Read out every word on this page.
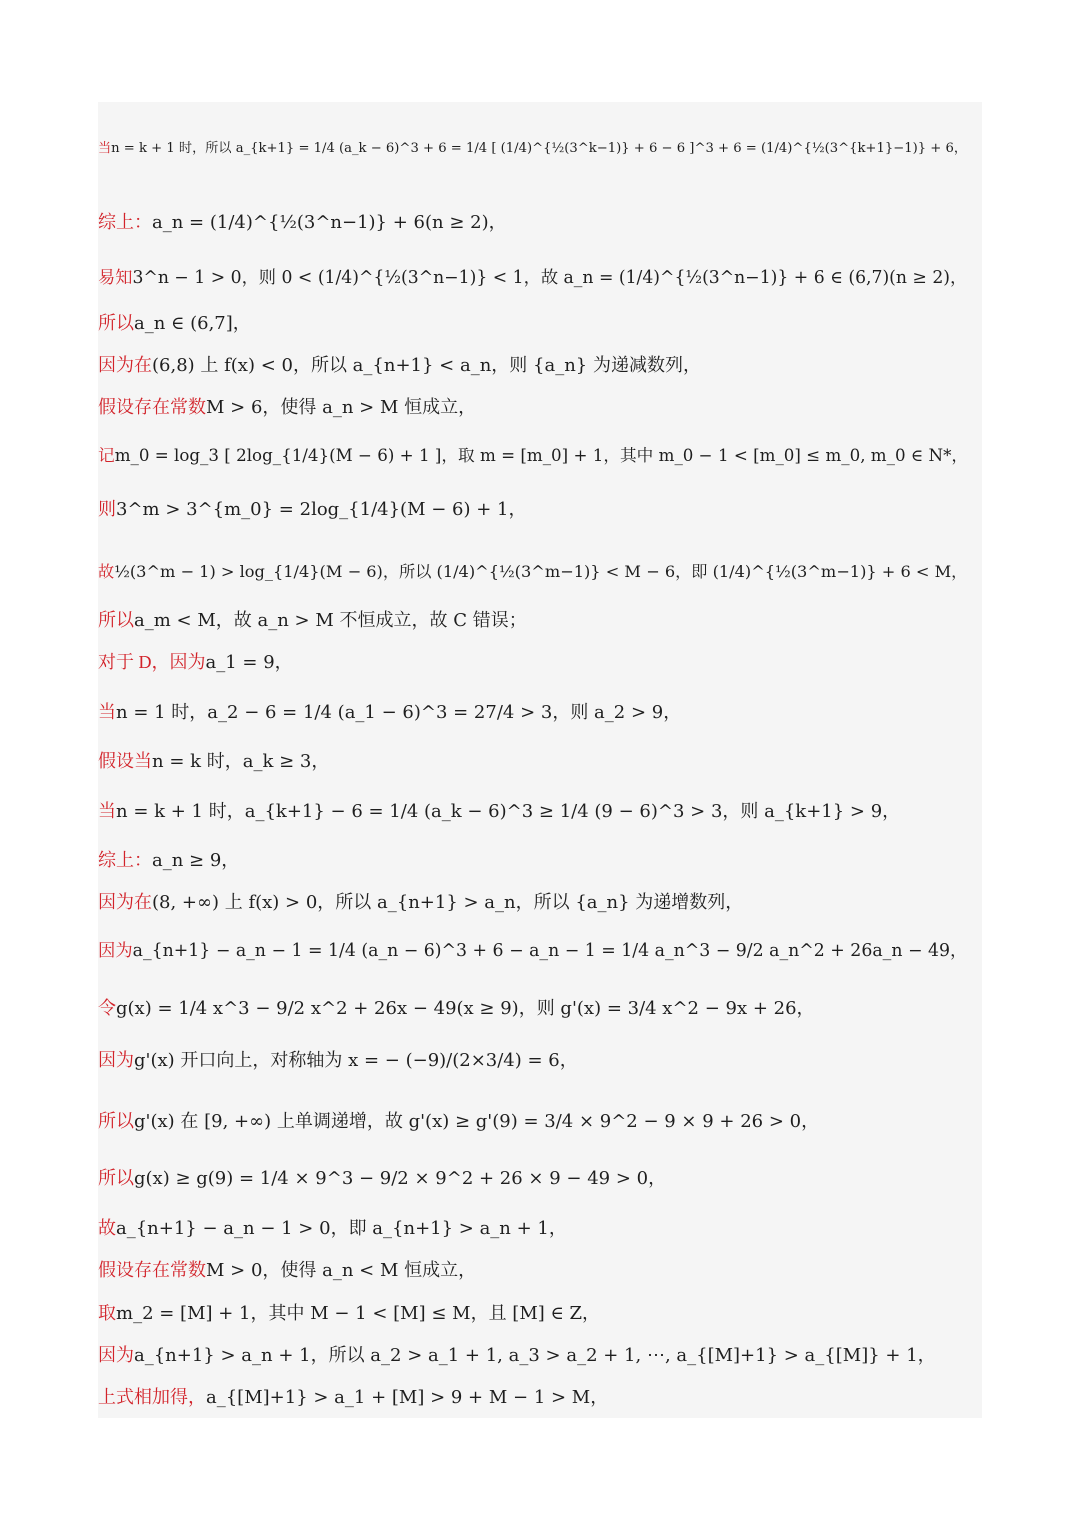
当n = k + 1 时，所以 a_{k+1} = 1/4 (a_k − 6)^3 + 6 = 1/4 [ (1/4)^{½(3^k−1)} + 6 − 6 ]^3 + 6 = (1/4)^{½(3^{k+1}−1)} + 6，
综上：a_n = (1/4)^{½(3^n−1)} + 6(n ≥ 2)，
易知3^n − 1 > 0，则 0 < (1/4)^{½(3^n−1)} < 1，故 a_n = (1/4)^{½(3^n−1)} + 6 ∈ (6,7)(n ≥ 2)，
所以a_n ∈ (6,7]，
因为在(6,8) 上 f(x) < 0，所以 a_{n+1} < a_n，则 {a_n} 为递减数列，
假设存在常数M > 6，使得 a_n > M 恒成立，
记m_0 = log_3 [ 2log_{1/4}(M − 6) + 1 ]，取 m = [m_0] + 1，其中 m_0 − 1 < [m_0] ≤ m_0, m_0 ∈ N*，
则3^m > 3^{m_0} = 2log_{1/4}(M − 6) + 1，
故½(3^m − 1) > log_{1/4}(M − 6)，所以 (1/4)^{½(3^m−1)} < M − 6，即 (1/4)^{½(3^m−1)} + 6 < M，
所以a_m < M，故 a_n > M 不恒成立，故 C 错误；
对于 D，因为a_1 = 9，
当n = 1 时，a_2 − 6 = 1/4 (a_1 − 6)^3 = 27/4 > 3，则 a_2 > 9，
假设当n = k 时，a_k ≥ 3，
当n = k + 1 时，a_{k+1} − 6 = 1/4 (a_k − 6)^3 ≥ 1/4 (9 − 6)^3 > 3，则 a_{k+1} > 9，
综上：a_n ≥ 9，
因为在(8, +∞) 上 f(x) > 0，所以 a_{n+1} > a_n，所以 {a_n} 为递增数列，
因为a_{n+1} − a_n − 1 = 1/4 (a_n − 6)^3 + 6 − a_n − 1 = 1/4 a_n^3 − 9/2 a_n^2 + 26a_n − 49，
令g(x) = 1/4 x^3 − 9/2 x^2 + 26x − 49(x ≥ 9)，则 g'(x) = 3/4 x^2 − 9x + 26，
因为g'(x) 开口向上，对称轴为 x = − (−9)/(2×3/4) = 6，
所以g'(x) 在 [9, +∞) 上单调递增，故 g'(x) ≥ g'(9) = 3/4 × 9^2 − 9 × 9 + 26 > 0，
所以g(x) ≥ g(9) = 1/4 × 9^3 − 9/2 × 9^2 + 26 × 9 − 49 > 0，
故a_{n+1} − a_n − 1 > 0，即 a_{n+1} > a_n + 1，
假设存在常数M > 0，使得 a_n < M 恒成立，
取m_2 = [M] + 1，其中 M − 1 < [M] ≤ M，且 [M] ∈ Z，
因为a_{n+1} > a_n + 1，所以 a_2 > a_1 + 1, a_3 > a_2 + 1, ⋯, a_{[M]+1} > a_{[M]} + 1，
上式相加得，a_{[M]+1} > a_1 + [M] > 9 + M − 1 > M，
